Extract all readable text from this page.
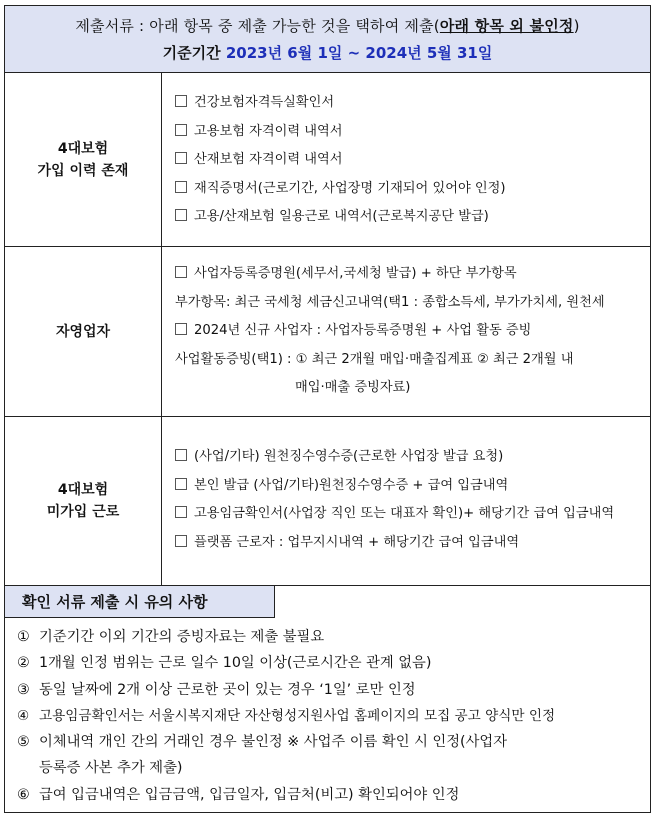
제출서류 : 아래 항목 중 제출 가능한 것을 택하여 제출(아래 항목 외 불인정)
기준기간 2023년 6월 1일 ~ 2024년 5월 31일
4대보험
가입 이력 존재
건강보험자격득실확인서
고용보험 자격이력 내역서
산재보험 자격이력 내역서
재직증명서(근로기간, 사업장명 기재되어 있어야 인정)
고용/산재보험 일용근로 내역서(근로복지공단 발급)
자영업자
사업자등록증명원(세무서,국세청 발급) + 하단 부가항목
부가항목: 최근 국세청 세금신고내역(택1 : 종합소득세, 부가가치세, 원천세
2024년 신규 사업자 : 사업자등록증명원 + 사업 활동 증빙
사업활동증빙(택1) : ① 최근 2개월 매입·매출집계표 ② 최근 2개월 내
매입·매출 증빙자료)
4대보험
미가입 근로
(사업/기타) 원천징수영수증(근로한 사업장 발급 요청)
본인 발급 (사업/기타)원천징수영수증 + 급여 입금내역
고용임금확인서(사업장 직인 또는 대표자 확인)+ 해당기간 급여 입금내역
플랫폼 근로자 : 업무지시내역 + 해당기간 급여 입금내역
확인 서류 제출 시 유의 사항
① 기준기간 이외 기간의 증빙자료는 제출 불필요
② 1개월 인정 범위는 근로 일수 10일 이상(근로시간은 관계 없음)
③ 동일 날짜에 2개 이상 근로한 곳이 있는 경우 ‘1일’ 로만 인정
④ 고용임금확인서는 서울시복지재단 자산형성지원사업 홈페이지의 모집 공고 양식만 인정
⑤ 이체내역 개인 간의 거래인 경우 불인정 ※ 사업주 이름 확인 시 인정(사업자
등록증 사본 추가 제출)
⑥ 급여 입금내역은 입금금액, 입금일자, 입금처(비고) 확인되어야 인정
